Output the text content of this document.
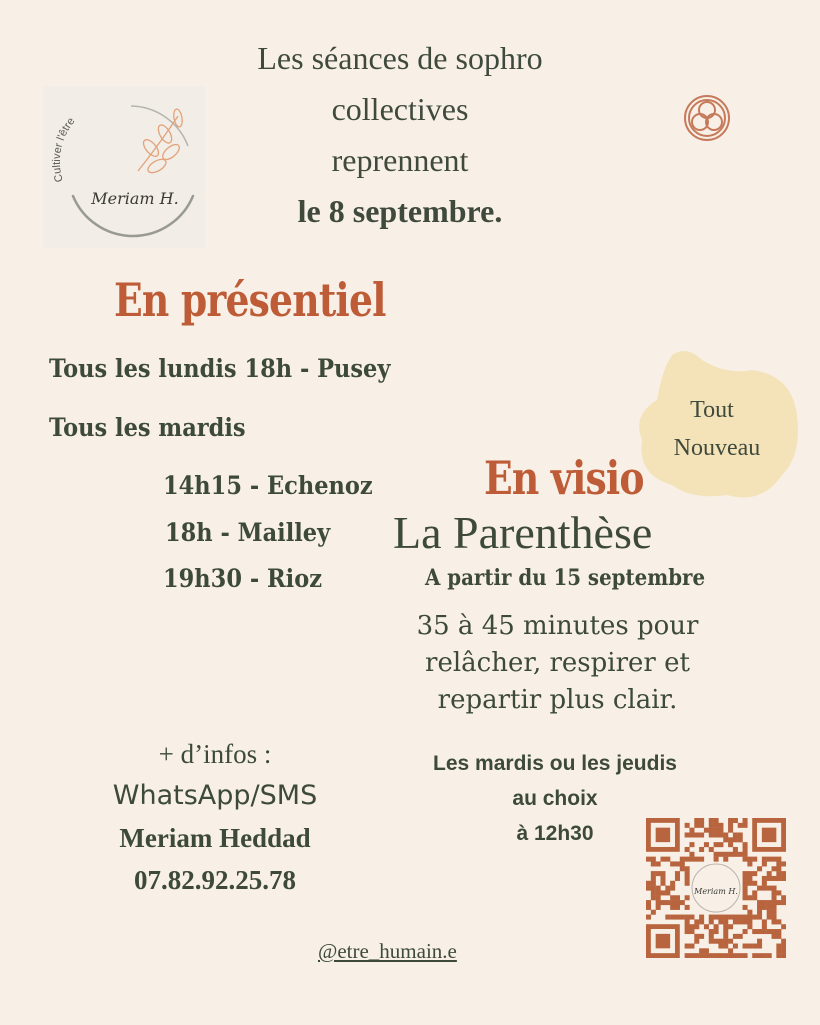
Cultiver l'être
Meriam H.
Les séances de sophro
collectives
reprennent
le 8 septembre.
En présentiel
Tous les lundis 18h - Pusey
Tous les mardis
14h15 - Echenoz
18h - Mailley
19h30 - Rioz
Tout
Nouveau
En visio
La Parenthèse
A partir du 15 septembre
35 à 45 minutes pour
relâcher, respirer et
repartir plus clair.
Les mardis ou les jeudis
au choix
à 12h30
+ d’infos :
WhatsApp/SMS
Meriam Heddad
07.82.92.25.78
@etre_humain.e
Meriam H.
